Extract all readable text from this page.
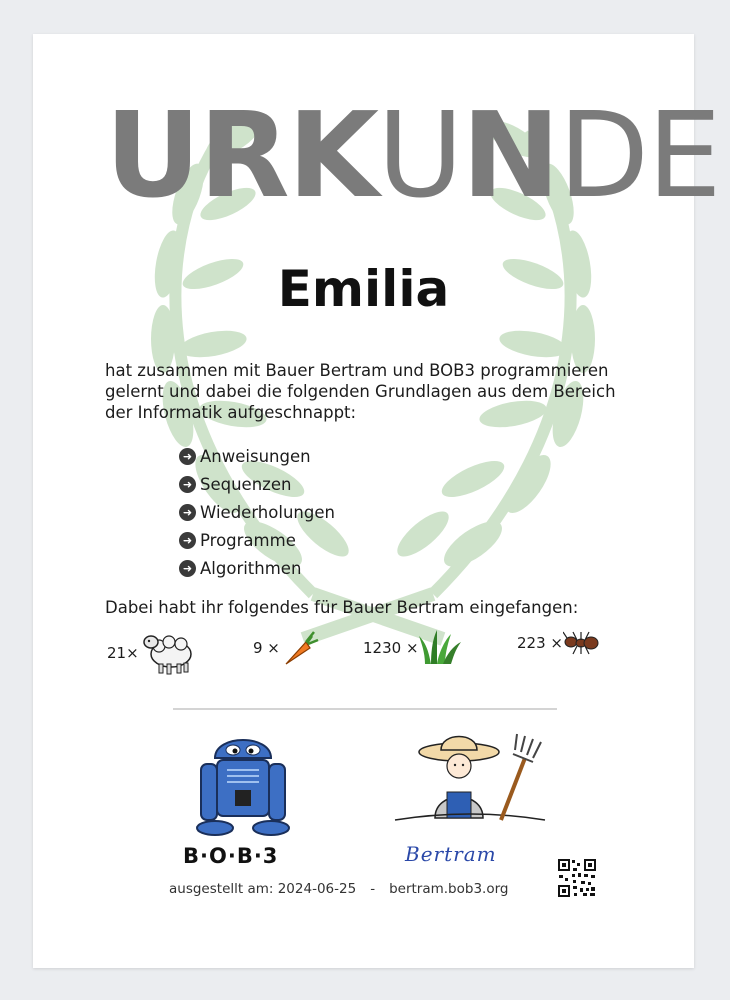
URKUNDE
Emilia

hat zusammen mit Bauer Bertram und BOB3 programmieren gelernt und dabei die folgenden Grundlagen aus dem Bereich der Informatik aufgeschnappt:

➜ Anweisungen
➜ Sequenzen
➜ Wiederholungen
➜ Programme
➜ Algorithmen
Dabei habt ihr folgendes für Bauer Bertram eingefangen:
21×	9 ×	1230 ×	223 ×
B·O·B·3	Bertram
ausgestellt am: 2024-06-25 - bertram.bob3.org
